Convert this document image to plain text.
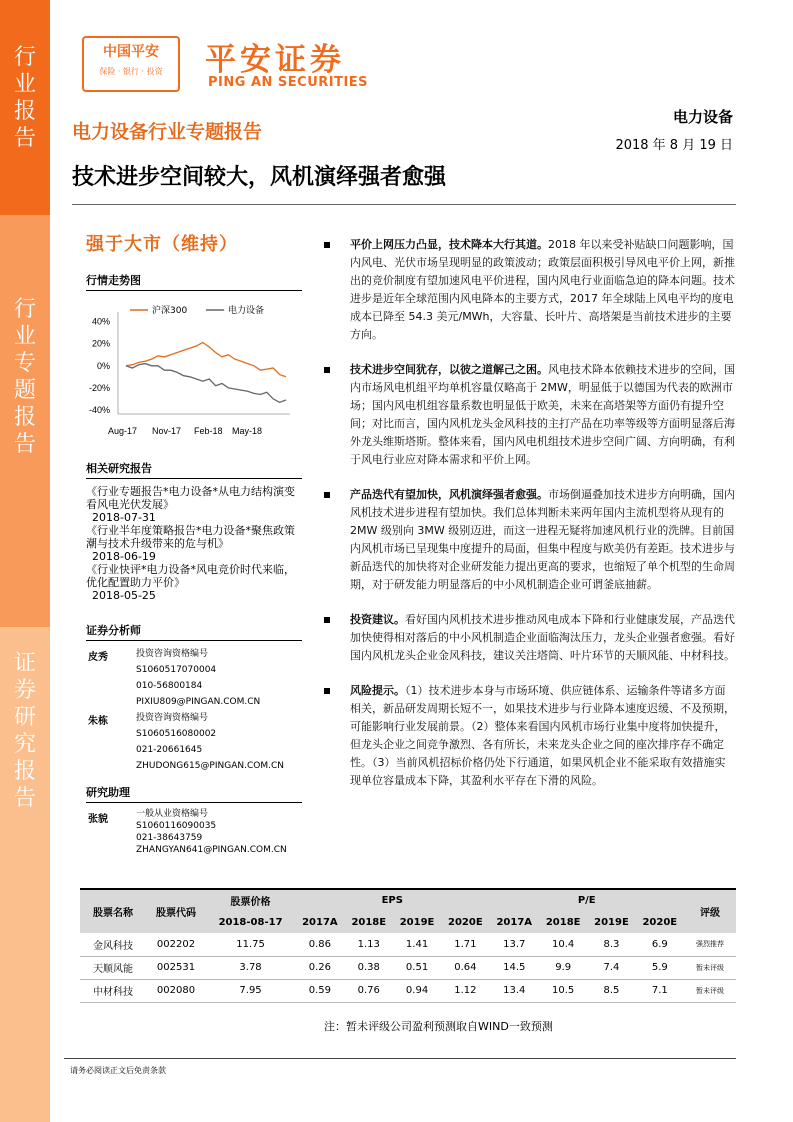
行
业
报
告
行
业
专
题
报
告
证
券
研
究
报
告
中国平安
保险 · 银行 · 投资	平安证券
PING AN SECURITIES
电力设备行业专题报告
电力设备
2018 年 8 月 19 日
技术进步空间较大，风机演绎强者愈强
强于大市（维持）
行情走势图
40%
20%
0%
-20%
-40%
Aug-17 Nov-17 Feb-18 May-18
沪深300	电力设备
相关研究报告
《行业专题报告*电力设备*从电力结构演变看风电光伏发展》
2018-07-31
《行业半年度策略报告*电力设备*聚焦政策潮与技术升级带来的危与机》
2018-06-19
《行业快评*电力设备*风电竞价时代来临，优化配置助力平价》
2018-05-25
证券分析师
皮秀	投资咨询资格编号
S1060517070004
010-56800184
PIXIU809@PINGAN.COM.CN
朱栋	投资咨询资格编号
S1060516080002
021-20661645
ZHUDONG615@PINGAN.COM.CN
研究助理
张貌	一般从业资格编号
S1060116090035
021-38643759
ZHANGYAN641@PINGAN.COM.CN
平价上网压力凸显，技术降本大行其道。2018 年以来受补贴缺口问题影响，国内风电、光伏市场呈现明显的政策波动；政策层面积极引导风电平价上网，新推出的竞价制度有望加速风电平价进程，国内风电行业面临急迫的降本问题。技术进步是近年全球范围内风电降本的主要方式，2017 年全球陆上风电平均的度电成本已降至 54.3 美元/MWh，大容量、长叶片、高塔架是当前技术进步的主要方向。
技术进步空间犹存，以彼之道解己之困。风电技术降本依赖技术进步的空间，国内市场风电机组平均单机容量仅略高于 2MW，明显低于以德国为代表的欧洲市场；国内风电机组容量系数也明显低于欧美，未来在高塔架等方面仍有提升空间；对比而言，国内风机龙头金风科技的主打产品在功率等级等方面明显落后海外龙头维斯塔斯。整体来看，国内风电机组技术进步空间广阔、方向明确，有利于风电行业应对降本需求和平价上网。
产品迭代有望加快，风机演绎强者愈强。市场倒逼叠加技术进步方向明确，国内风机技术进步进程有望加快。我们总体判断未来两年国内主流机型将从现有的 2MW 级别向 3MW 级别迈进，而这一进程无疑将加速风机行业的洗牌。目前国内风机市场已呈现集中度提升的局面，但集中程度与欧美仍有差距。技术进步与新品迭代的加快将对企业研发能力提出更高的要求，也缩短了单个机型的生命周期，对于研发能力明显落后的中小风机制造企业可谓釜底抽薪。
投资建议。看好国内风机技术进步推动风电成本下降和行业健康发展，产品迭代加快使得相对落后的中小风机制造企业面临淘汰压力，龙头企业强者愈强。看好国内风机龙头企业金风科技，建议关注塔筒、叶片环节的天顺风能、中材科技。
风险提示。（1）技术进步本身与市场环境、供应链体系、运输条件等诸多方面相关，新品研发周期长短不一，如果技术进步与行业降本速度迟缓、不及预期，可能影响行业发展前景。（2）整体来看国内风机市场行业集中度将加快提升，但龙头企业之间竞争激烈、各有所长，未来龙头企业之间的座次排序存不确定性。（3）当前风机招标价格仍处下行通道，如果风机企业不能采取有效措施实现单位容量成本下降，其盈利水平存在下滑的风险。
股票名称	股票代码	股票价格	EPS				P/E				评级
		2018-08-17	2017A	2018E	2019E	2020E	2017A	2018E	2019E	2020E	
金风科技	002202	11.75	0.86	1.13	1.41	1.71	13.7	10.4	8.3	6.9	强烈推荐
天顺风能	002531	3.78	0.26	0.38	0.51	0.64	14.5	9.9	7.4	5.9	暂未评级
中材科技	002080	7.95	0.59	0.76	0.94	1.12	13.4	10.5	8.5	7.1	暂未评级
注：暂未评级公司盈利预测取自WIND一致预测
请务必阅读正文后免责条款
